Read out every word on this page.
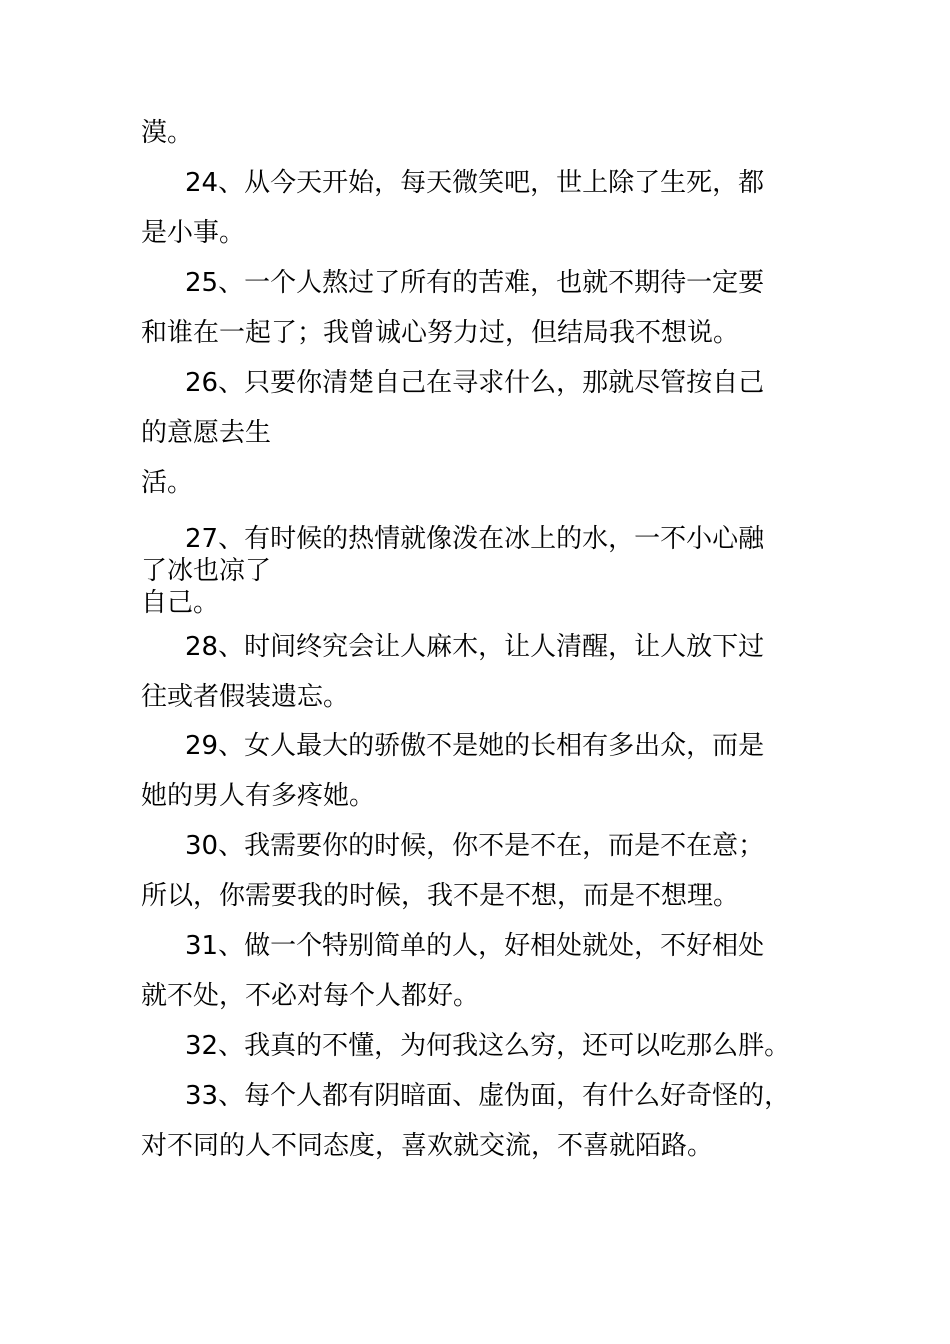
漠。
24、从今天开始，每天微笑吧，世上除了生死，都
是小事。
25、一个人熬过了所有的苦难，也就不期待一定要
和谁在一起了；我曾诚心努力过，但结局我不想说。
26、只要你清楚自己在寻求什么，那就尽管按自己
的意愿去生
活。
27、有时候的热情就像泼在冰上的水，一不小心融
了冰也凉了
自己。
28、时间终究会让人麻木，让人清醒，让人放下过
往或者假装遗忘。
29、女人最大的骄傲不是她的长相有多出众，而是
她的男人有多疼她。
30、我需要你的时候，你不是不在，而是不在意；
所以，你需要我的时候，我不是不想，而是不想理。
31、做一个特别简单的人，好相处就处，不好相处
就不处，不必对每个人都好。
32、我真的不懂，为何我这么穷，还可以吃那么胖。
33、每个人都有阴暗面、虚伪面，有什么好奇怪的，
对不同的人不同态度，喜欢就交流，不喜就陌路。
